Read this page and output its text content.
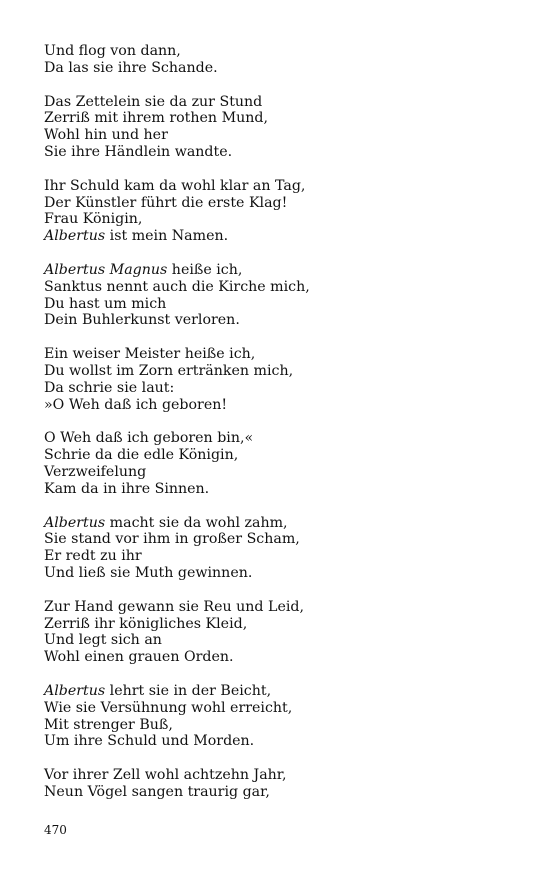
Und flog von dann,
Da las sie ihre Schande.
Das Zettelein sie da zur Stund
Zerriß mit ihrem rothen Mund,
Wohl hin und her
Sie ihre Händlein wandte.
Ihr Schuld kam da wohl klar an Tag,
Der Künstler führt die erste Klag!
Frau Königin,
Albertus ist mein Namen.
Albertus Magnus heiße ich,
Sanktus nennt auch die Kirche mich,
Du hast um mich
Dein Buhlerkunst verloren.
Ein weiser Meister heiße ich,
Du wollst im Zorn ertränken mich,
Da schrie sie laut:
»O Weh daß ich geboren!
O Weh daß ich geboren bin,«
Schrie da die edle Königin,
Verzweifelung
Kam da in ihre Sinnen.
Albertus macht sie da wohl zahm,
Sie stand vor ihm in großer Scham,
Er redt zu ihr
Und ließ sie Muth gewinnen.
Zur Hand gewann sie Reu und Leid,
Zerriß ihr königliches Kleid,
Und legt sich an
Wohl einen grauen Orden.
Albertus lehrt sie in der Beicht,
Wie sie Versühnung wohl erreicht,
Mit strenger Buß,
Um ihre Schuld und Morden.
Vor ihrer Zell wohl achtzehn Jahr,
Neun Vögel sangen traurig gar,
470
